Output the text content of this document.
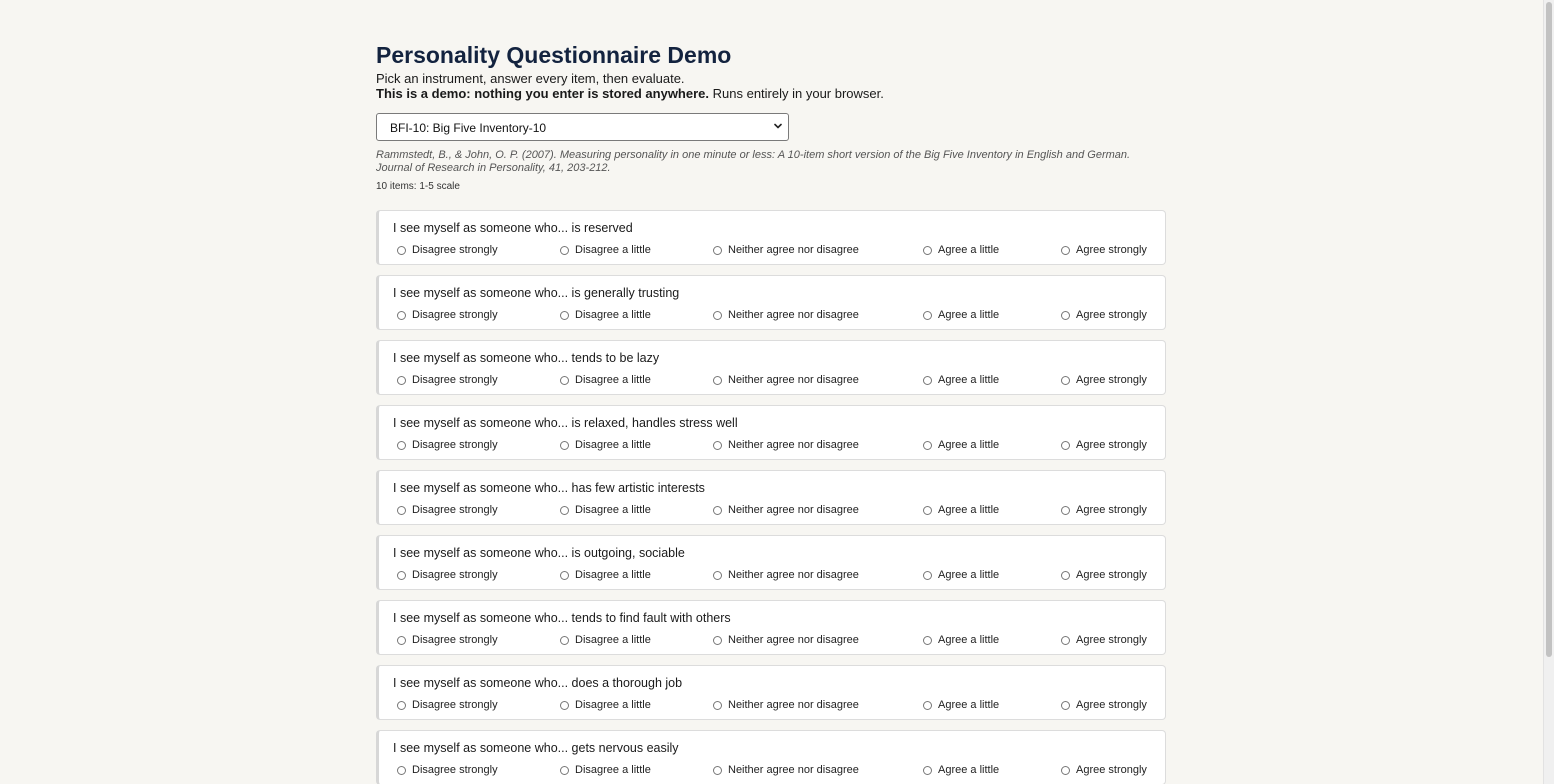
Personality Questionnaire Demo
Pick an instrument, answer every item, then evaluate.
This is a demo: nothing you enter is stored anywhere. Runs entirely in your browser.
BFI-10: Big Five Inventory-10
Rammstedt, B., & John, O. P. (2007). Measuring personality in one minute or less: A 10-item short version of the Big Five Inventory in English and German. Journal of Research in Personality, 41, 203-212.
10 items: 1-5 scale
I see myself as someone who... is reserved
Disagree strongly	Disagree a little	Neither agree nor disagree	Agree a little	Agree strongly
I see myself as someone who... is generally trusting
Disagree strongly	Disagree a little	Neither agree nor disagree	Agree a little	Agree strongly
I see myself as someone who... tends to be lazy
Disagree strongly	Disagree a little	Neither agree nor disagree	Agree a little	Agree strongly
I see myself as someone who... is relaxed, handles stress well
Disagree strongly	Disagree a little	Neither agree nor disagree	Agree a little	Agree strongly
I see myself as someone who... has few artistic interests
Disagree strongly	Disagree a little	Neither agree nor disagree	Agree a little	Agree strongly
I see myself as someone who... is outgoing, sociable
Disagree strongly	Disagree a little	Neither agree nor disagree	Agree a little	Agree strongly
I see myself as someone who... tends to find fault with others
Disagree strongly	Disagree a little	Neither agree nor disagree	Agree a little	Agree strongly
I see myself as someone who... does a thorough job
Disagree strongly	Disagree a little	Neither agree nor disagree	Agree a little	Agree strongly
I see myself as someone who... gets nervous easily
Disagree strongly	Disagree a little	Neither agree nor disagree	Agree a little	Agree strongly
